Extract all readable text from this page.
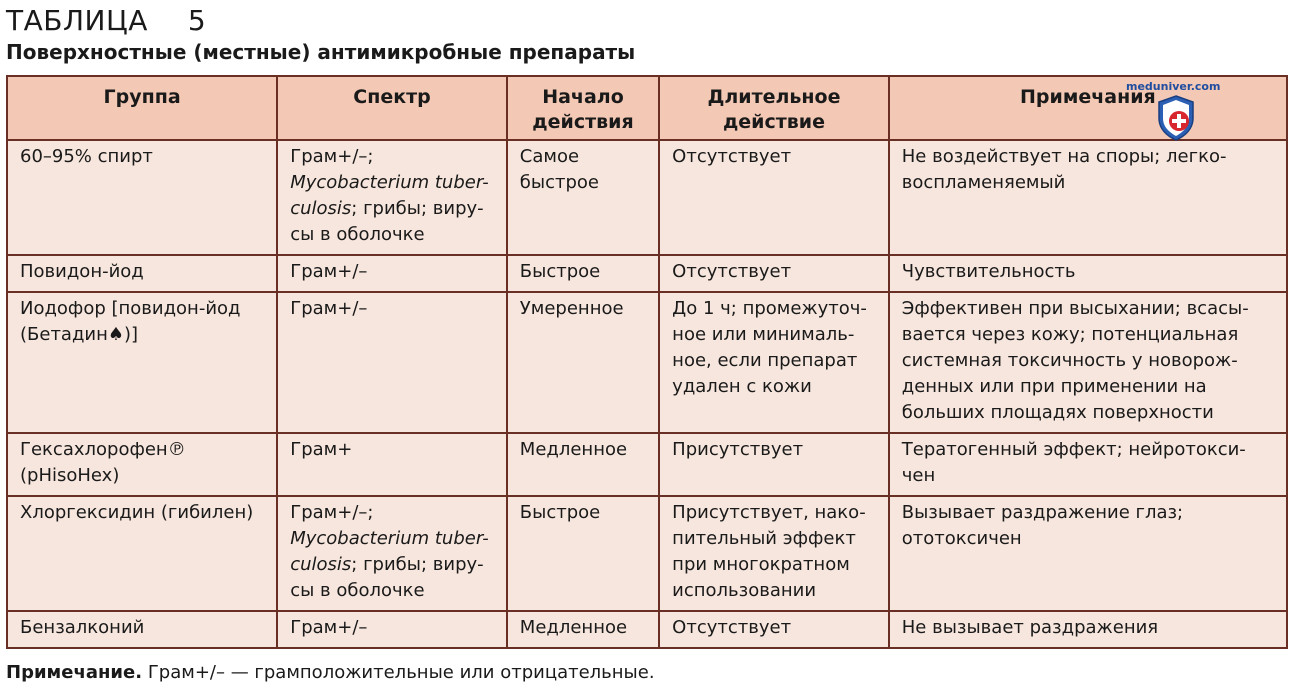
ТАБЛИЦА 5
Поверхностные (местные) антимикробные препараты
Группа	Спектр	Начало действия	Длительное действие	Примечания
60–95% спирт	Грам+/–; Mycobacterium tuber-culosis; грибы; виру-сы в оболочке	Самое быстрое	Отсутствует	Не воздействует на споры; легко-воспламеняемый
Повидон-йод	Грам+/–	Быстрое	Отсутствует	Чувствительность
Иодофор [повидон-йод (Бетадин♠)]	Грам+/–	Умеренное	До 1 ч; промежуточ-ное или минималь-ное, если препарат удален с кожи	Эффективен при высыхании; всасы-вается через кожу; потенциальная системная токсичность у новорож-денных или при применении на больших площадях поверхности
Гексахлорофен℗ (pHisoHex)	Грам+	Медленное	Присутствует	Тератогенный эффект; нейротокси-чен
Хлоргексидин (гибилен)	Грам+/–; Mycobacterium tuber-culosis; грибы; виру-сы в оболочке	Быстрое	Присутствует, нако-пительный эффект при многократном использовании	Вызывает раздражение глаз; ототоксичен
Бензалконий	Грам+/–	Медленное	Отсутствует	Не вызывает раздражения
meduniver.com
Примечание. Грам+/– — грамположительные или отрицательные.
